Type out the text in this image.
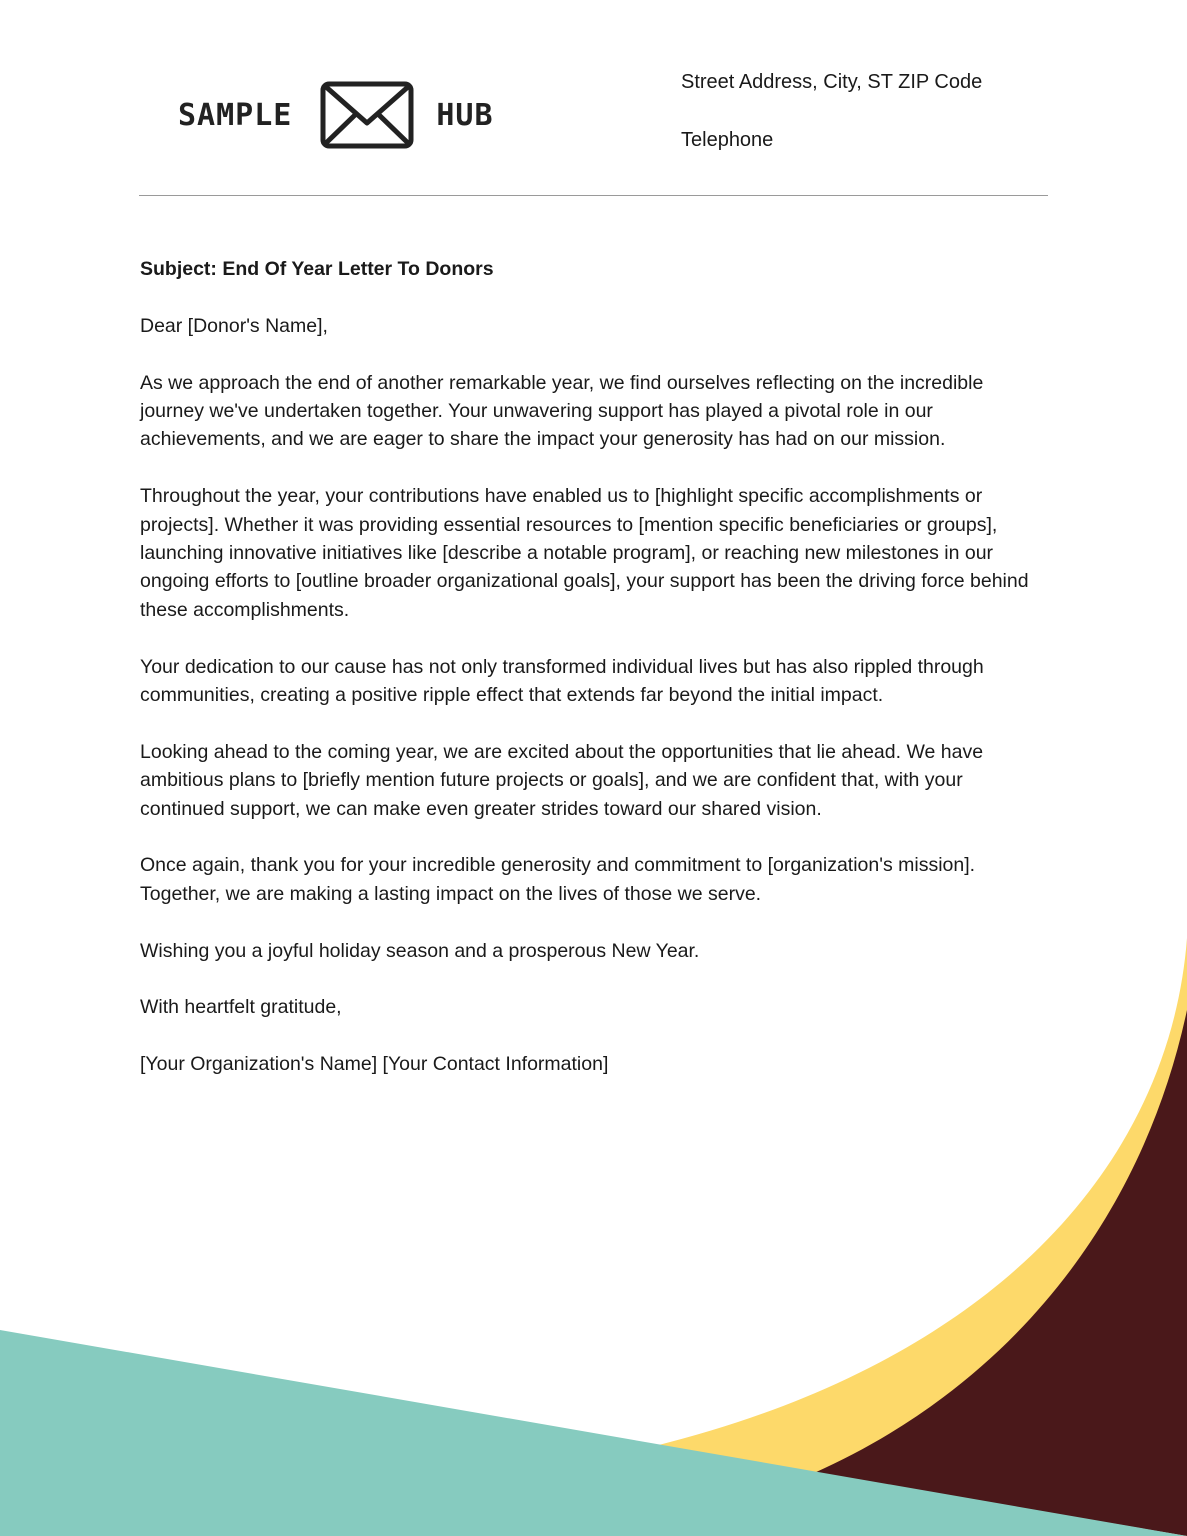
SAMPLE	HUB

Street Address, City, ST ZIP Code

Telephone

Subject: End Of Year Letter To Donors

Dear [Donor's Name],

As we approach the end of another remarkable year, we find ourselves reflecting on the incredible journey we've undertaken together. Your unwavering support has played a pivotal role in our achievements, and we are eager to share the impact your generosity has had on our mission.

Throughout the year, your contributions have enabled us to [highlight specific accomplishments or projects]. Whether it was providing essential resources to [mention specific beneficiaries or groups], launching innovative initiatives like [describe a notable program], or reaching new milestones in our ongoing efforts to [outline broader organizational goals], your support has been the driving force behind these accomplishments.

Your dedication to our cause has not only transformed individual lives but has also rippled through communities, creating a positive ripple effect that extends far beyond the initial impact.

Looking ahead to the coming year, we are excited about the opportunities that lie ahead. We have ambitious plans to [briefly mention future projects or goals], and we are confident that, with your continued support, we can make even greater strides toward our shared vision.

Once again, thank you for your incredible generosity and commitment to [organization's mission]. Together, we are making a lasting impact on the lives of those we serve.

Wishing you a joyful holiday season and a prosperous New Year.

With heartfelt gratitude,

[Your Organization's Name] [Your Contact Information]
